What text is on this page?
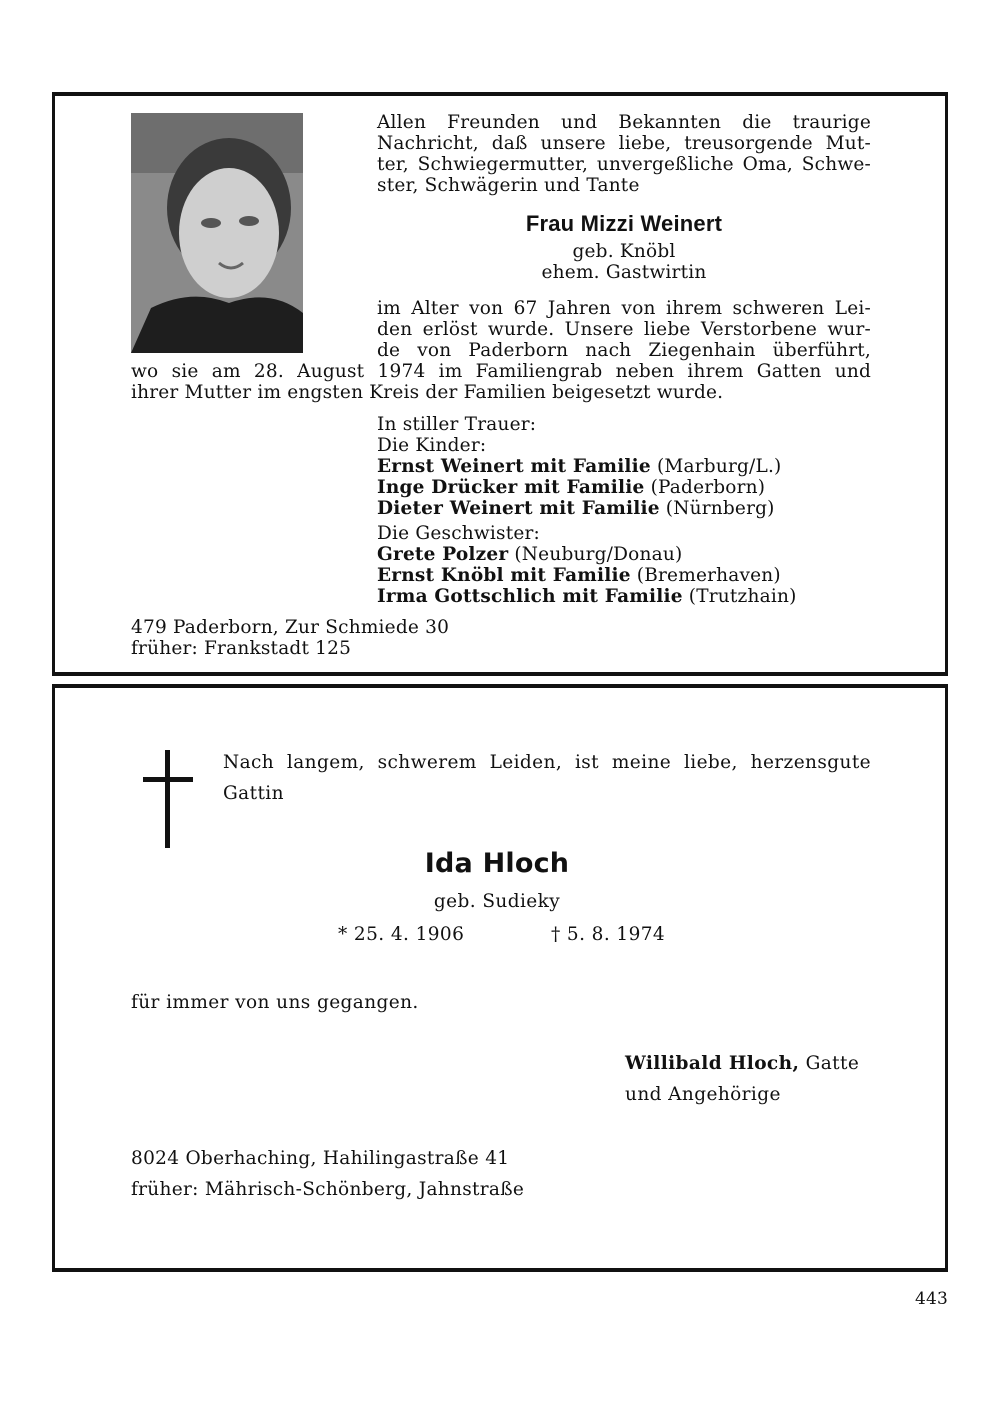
Allen Freunden und Bekannten die traurige
Nachricht, daß unsere liebe, treusorgende Mut-
ter, Schwiegermutter, unvergeßliche Oma, Schwe-
ster, Schwägerin und Tante
Frau Mizzi Weinert
geb. Knöbl
ehem. Gastwirtin
im Alter von 67 Jahren von ihrem schweren Lei-
den erlöst wurde. Unsere liebe Verstorbene wur-
de von Paderborn nach Ziegenhain überführt,
wo sie am 28. August 1974 im Familiengrab neben ihrem Gatten und
ihrer Mutter im engsten Kreis der Familien beigesetzt wurde.
In stiller Trauer:
Die Kinder:
Ernst Weinert mit Familie (Marburg/L.)
Inge Drücker mit Familie (Paderborn)
Dieter Weinert mit Familie (Nürnberg)
Die Geschwister:
Grete Polzer (Neuburg/Donau)
Ernst Knöbl mit Familie (Bremerhaven)
Irma Gottschlich mit Familie (Trutzhain)
479 Paderborn, Zur Schmiede 30
früher: Frankstadt 125
Nach langem, schwerem Leiden, ist meine liebe, herzensgute
Gattin
Ida Hloch
geb. Sudieky
* 25. 4. 1906	† 5. 8. 1974
für immer von uns gegangen.
Willibald Hloch, Gatte
und Angehörige
8024 Oberhaching, Hahilingastraße 41
früher: Mährisch-Schönberg, Jahnstraße
443
